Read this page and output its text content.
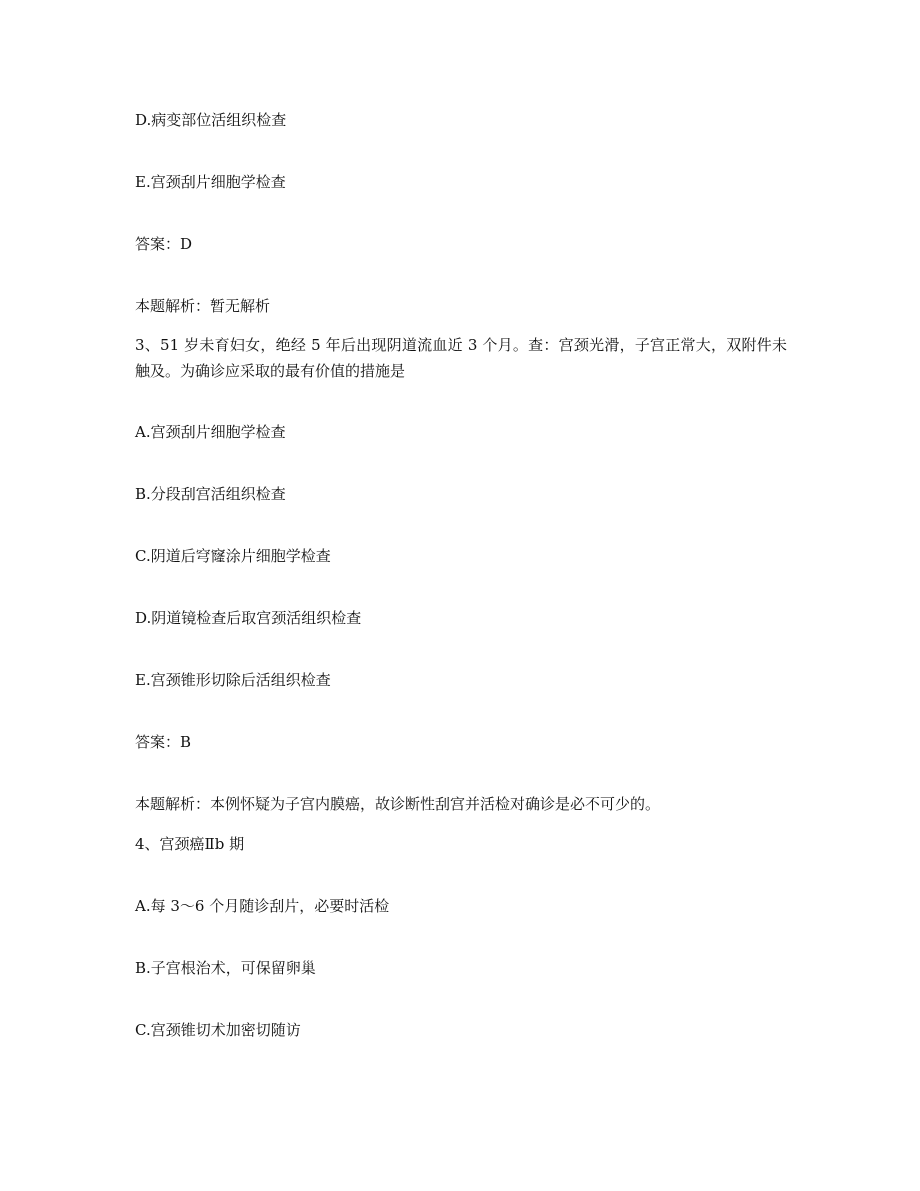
D.病变部位活组织检查
E.宫颈刮片细胞学检查
答案：D
本题解析：暂无解析
3、51 岁未育妇女，绝经 5 年后出现阴道流血近 3 个月。查：宫颈光滑，子宫正常大，双附件未触及。为确诊应采取的最有价值的措施是
A.宫颈刮片细胞学检查
B.分段刮宫活组织检查
C.阴道后穹窿涂片细胞学检查
D.阴道镜检查后取宫颈活组织检查
E.宫颈锥形切除后活组织检查
答案：B
本题解析：本例怀疑为子宫内膜癌，故诊断性刮宫并活检对确诊是必不可少的。
4、宫颈癌Ⅱb 期
A.每 3～6 个月随诊刮片，必要时活检
B.子宫根治术，可保留卵巢
C.宫颈锥切术加密切随访
